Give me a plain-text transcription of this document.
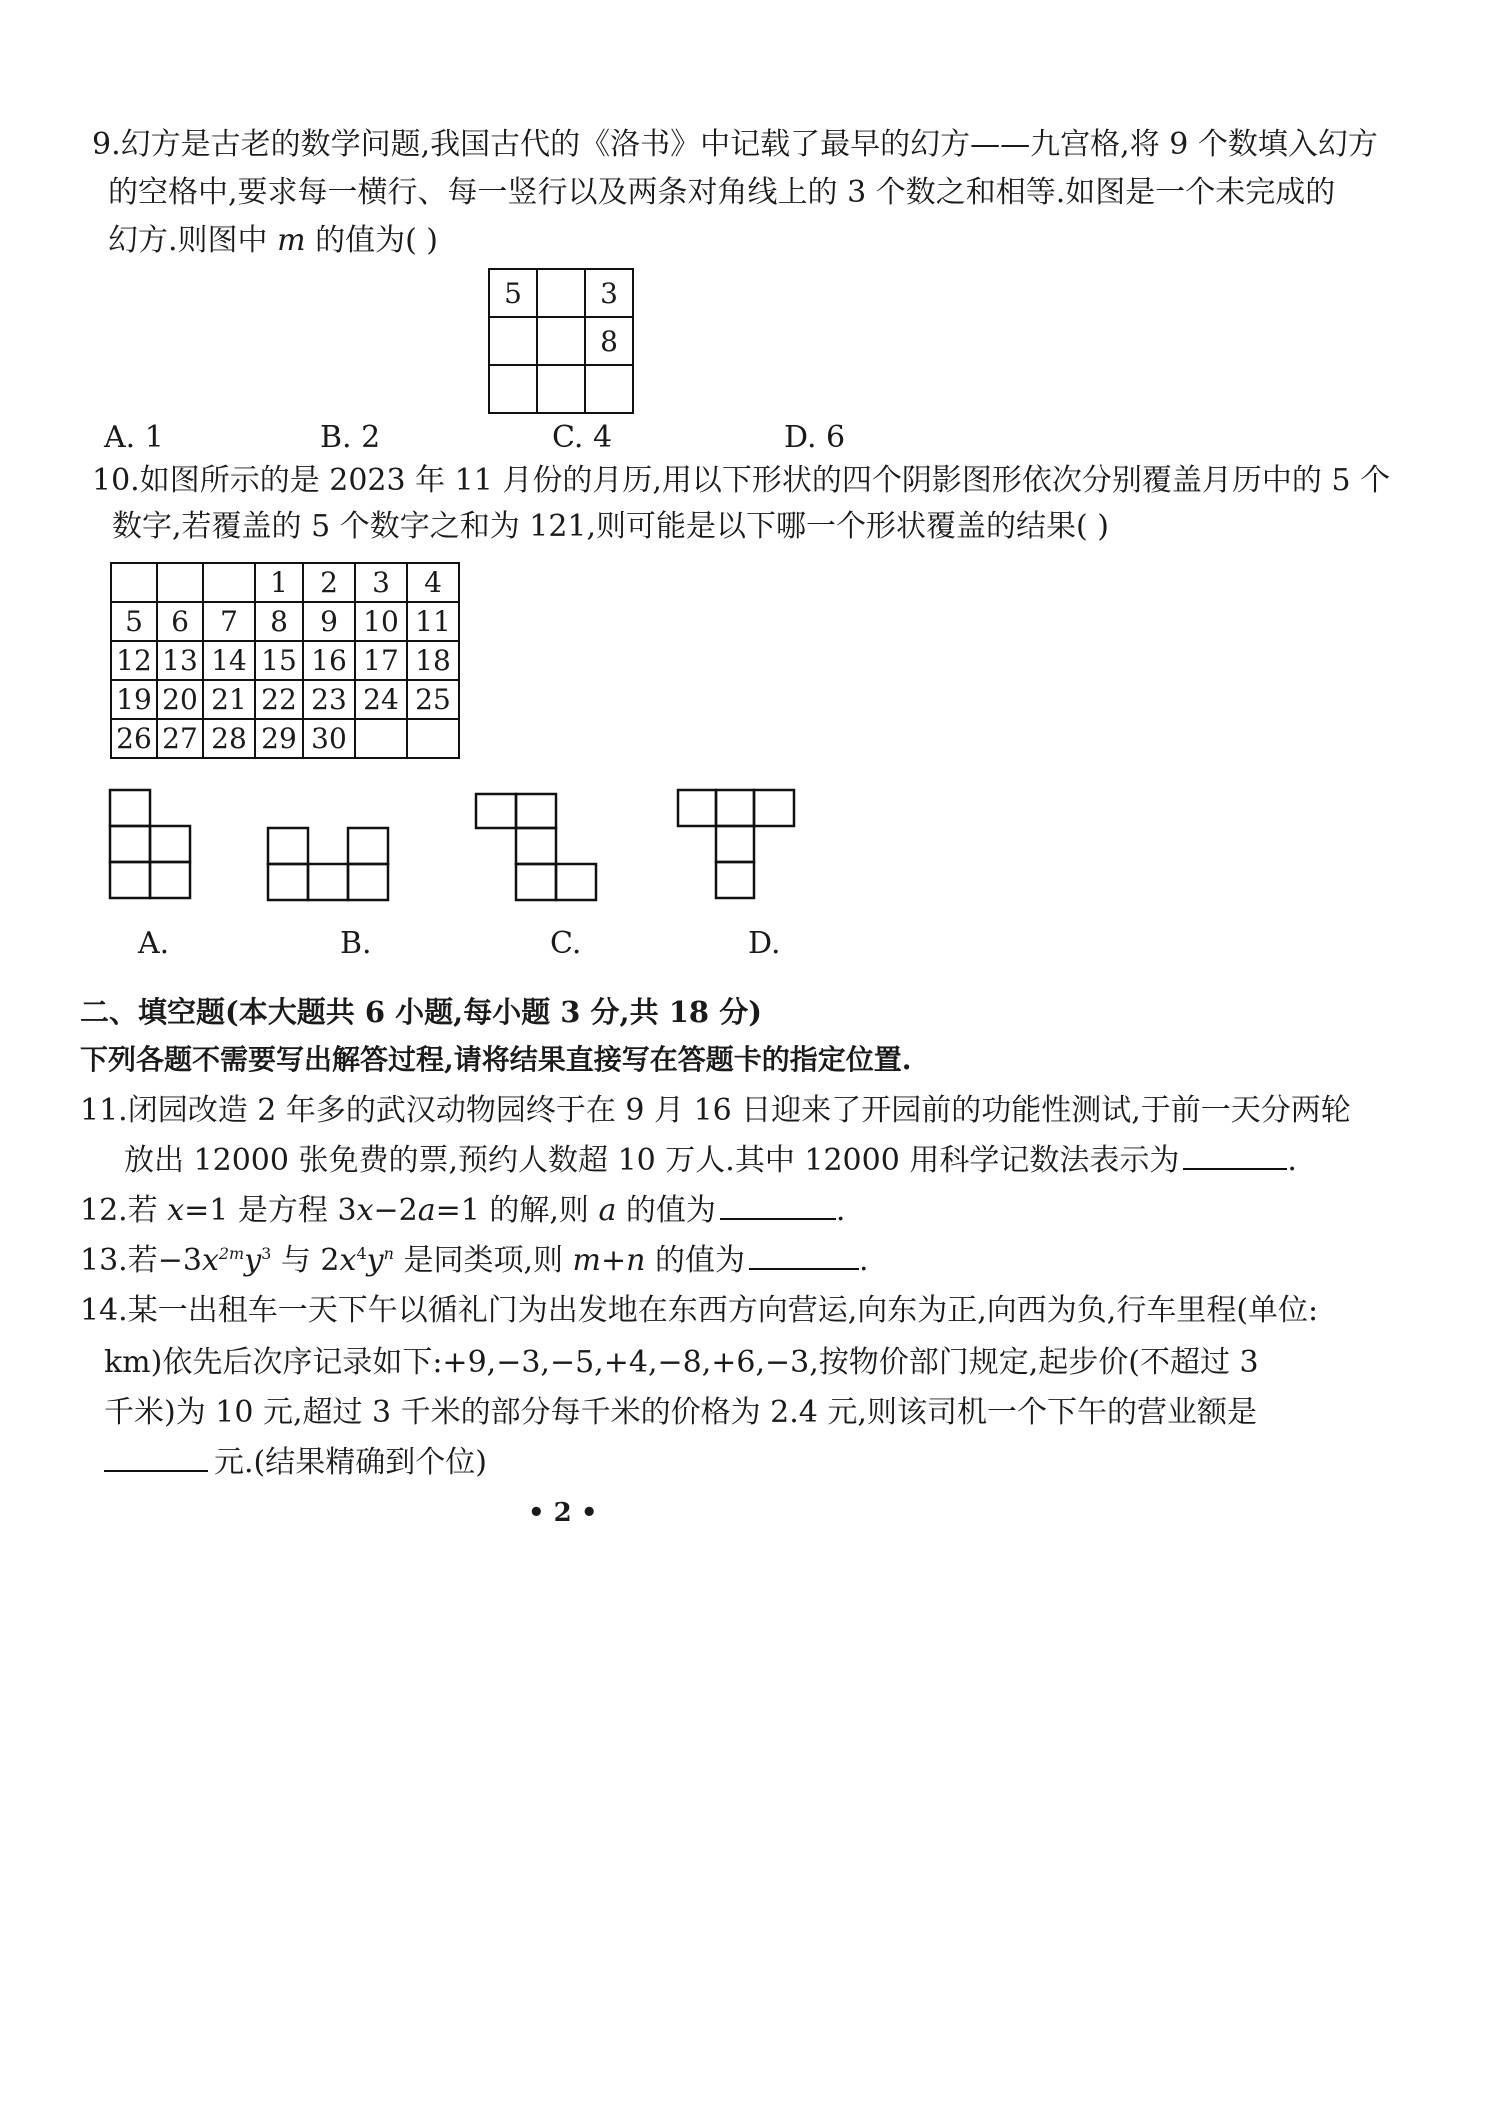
9.幻方是古老的数学问题,我国古代的《洛书》中记载了最早的幻方——九宫格,将 9 个数填入幻方
的空格中,要求每一横行、每一竖行以及两条对角线上的 3 个数之和相等.如图是一个未完成的
幻方.则图中 m 的值为( )
5		3
		8

A. 1	B. 2	C. 4	D. 6
10.如图所示的是 2023 年 11 月份的月历,用以下形状的四个阴影图形依次分别覆盖月历中的 5 个
数字,若覆盖的 5 个数字之和为 121,则可能是以下哪一个形状覆盖的结果( )
			1	2	3	4
5	6	7	8	9	10	11
12	13	14	15	16	17	18
19	20	21	22	23	24	25
26	27	28	29	30		
A.	B.	C.	D.
二、填空题(本大题共 6 小题,每小题 3 分,共 18 分)
下列各题不需要写出解答过程,请将结果直接写在答题卡的指定位置.
11.闭园改造 2 年多的武汉动物园终于在 9 月 16 日迎来了开园前的功能性测试,于前一天分两轮
放出 12000 张免费的票,预约人数超 10 万人.其中 12000 用科学记数法表示为	.
12.若 x=1 是方程 3x−2a=1 的解,则 a 的值为	.
13.若$-3x^{2m}y^3$ 与 $2x^4y^n$ 是同类项,则 m+n 的值为	.
14.某一出租车一天下午以循礼门为出发地在东西方向营运,向东为正,向西为负,行车里程(单位:
km)依先后次序记录如下:+9,−3,−5,+4,−8,+6,−3,按物价部门规定,起步价(不超过 3
千米)为 10 元,超过 3 千米的部分每千米的价格为 2.4 元,则该司机一个下午的营业额是
元.(结果精确到个位)
• 2 •
